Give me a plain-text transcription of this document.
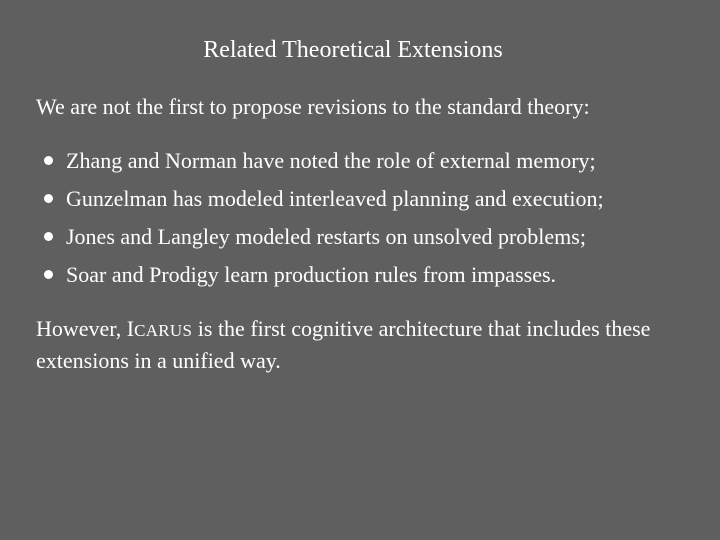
Related Theoretical Extensions
We are not the first to propose revisions to the standard theory:
Zhang and Norman have noted the role of external memory;
Gunzelman has modeled interleaved planning and execution;
Jones and Langley modeled restarts on unsolved problems;
Soar and Prodigy learn production rules from impasses.
However, ICARUS is the first cognitive architecture that includes these extensions in a unified way.
